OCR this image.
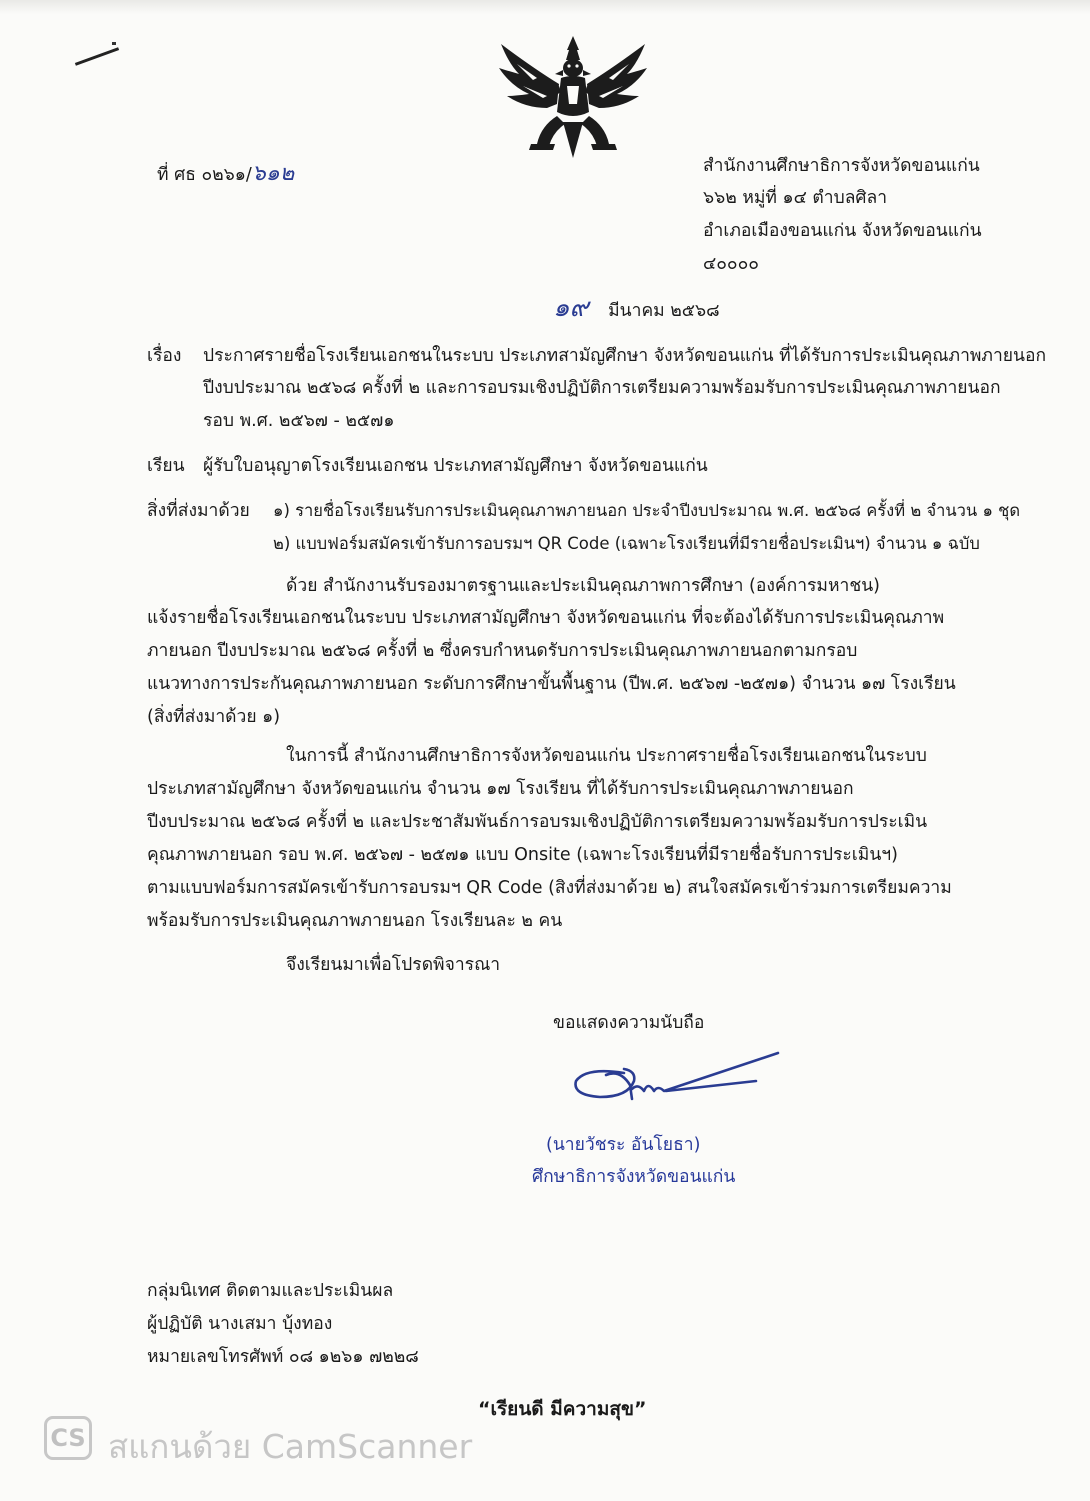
ที่ ศธ ๐๒๖๑/๖๑๒	สำนักงานศึกษาธิการจังหวัดขอนแก่น
๖๖๒ หมู่ที่ ๑๔ ตำบลศิลา
อำเภอเมืองขอนแก่น จังหวัดขอนแก่น
๔๐๐๐๐
๑๙ มีนาคม ๒๕๖๘
เรื่อง ประกาศรายชื่อโรงเรียนเอกชนในระบบ ประเภทสามัญศึกษา จังหวัดขอนแก่น ที่ได้รับการประเมินคุณภาพภายนอก
ปีงบประมาณ ๒๕๖๘ ครั้งที่ ๒ และการอบรมเชิงปฏิบัติการเตรียมความพร้อมรับการประเมินคุณภาพภายนอก
รอบ พ.ศ. ๒๕๖๗ - ๒๕๗๑
เรียน ผู้รับใบอนุญาตโรงเรียนเอกชน ประเภทสามัญศึกษา จังหวัดขอนแก่น
สิ่งที่ส่งมาด้วย ๑) รายชื่อโรงเรียนรับการประเมินคุณภาพภายนอก ประจำปีงบประมาณ พ.ศ. ๒๕๖๘ ครั้งที่ ๒ จำนวน ๑ ชุด
๒) แบบฟอร์มสมัครเข้ารับการอบรมฯ QR Code (เฉพาะโรงเรียนที่มีรายชื่อประเมินฯ) จำนวน ๑ ฉบับ
ด้วย สำนักงานรับรองมาตรฐานและประเมินคุณภาพการศึกษา (องค์การมหาชน)
แจ้งรายชื่อโรงเรียนเอกชนในระบบ ประเภทสามัญศึกษา จังหวัดขอนแก่น ที่จะต้องได้รับการประเมินคุณภาพ
ภายนอก ปีงบประมาณ ๒๕๖๘ ครั้งที่ ๒ ซึ่งครบกำหนดรับการประเมินคุณภาพภายนอกตามกรอบ
แนวทางการประกันคุณภาพภายนอก ระดับการศึกษาขั้นพื้นฐาน (ปีพ.ศ. ๒๕๖๗ -๒๕๗๑) จำนวน ๑๗ โรงเรียน
(สิ่งที่ส่งมาด้วย ๑)
ในการนี้ สำนักงานศึกษาธิการจังหวัดขอนแก่น ประกาศรายชื่อโรงเรียนเอกชนในระบบ
ประเภทสามัญศึกษา จังหวัดขอนแก่น จำนวน ๑๗ โรงเรียน ที่ได้รับการประเมินคุณภาพภายนอก
ปีงบประมาณ ๒๕๖๘ ครั้งที่ ๒ และประชาสัมพันธ์การอบรมเชิงปฏิบัติการเตรียมความพร้อมรับการประเมิน
คุณภาพภายนอก รอบ พ.ศ. ๒๕๖๗ - ๒๕๗๑ แบบ Onsite (เฉพาะโรงเรียนที่มีรายชื่อรับการประเมินฯ)
ตามแบบฟอร์มการสมัครเข้ารับการอบรมฯ QR Code (สิงที่ส่งมาด้วย ๒) สนใจสมัครเข้าร่วมการเตรียมความ
พร้อมรับการประเมินคุณภาพภายนอก โรงเรียนละ ๒ คน
จึงเรียนมาเพื่อโปรดพิจารณา
ขอแสดงความนับถือ
(นายวัชระ อันโยธา)
ศึกษาธิการจังหวัดขอนแก่น
กลุ่มนิเทศ ติดตามและประเมินผล
ผู้ปฏิบัติ นางเสมา บุ้งทอง
หมายเลขโทรศัพท์ ๐๘ ๑๒๖๑ ๗๒๒๘
“เรียนดี มีความสุข”
CS สแกนด้วย CamScanner
